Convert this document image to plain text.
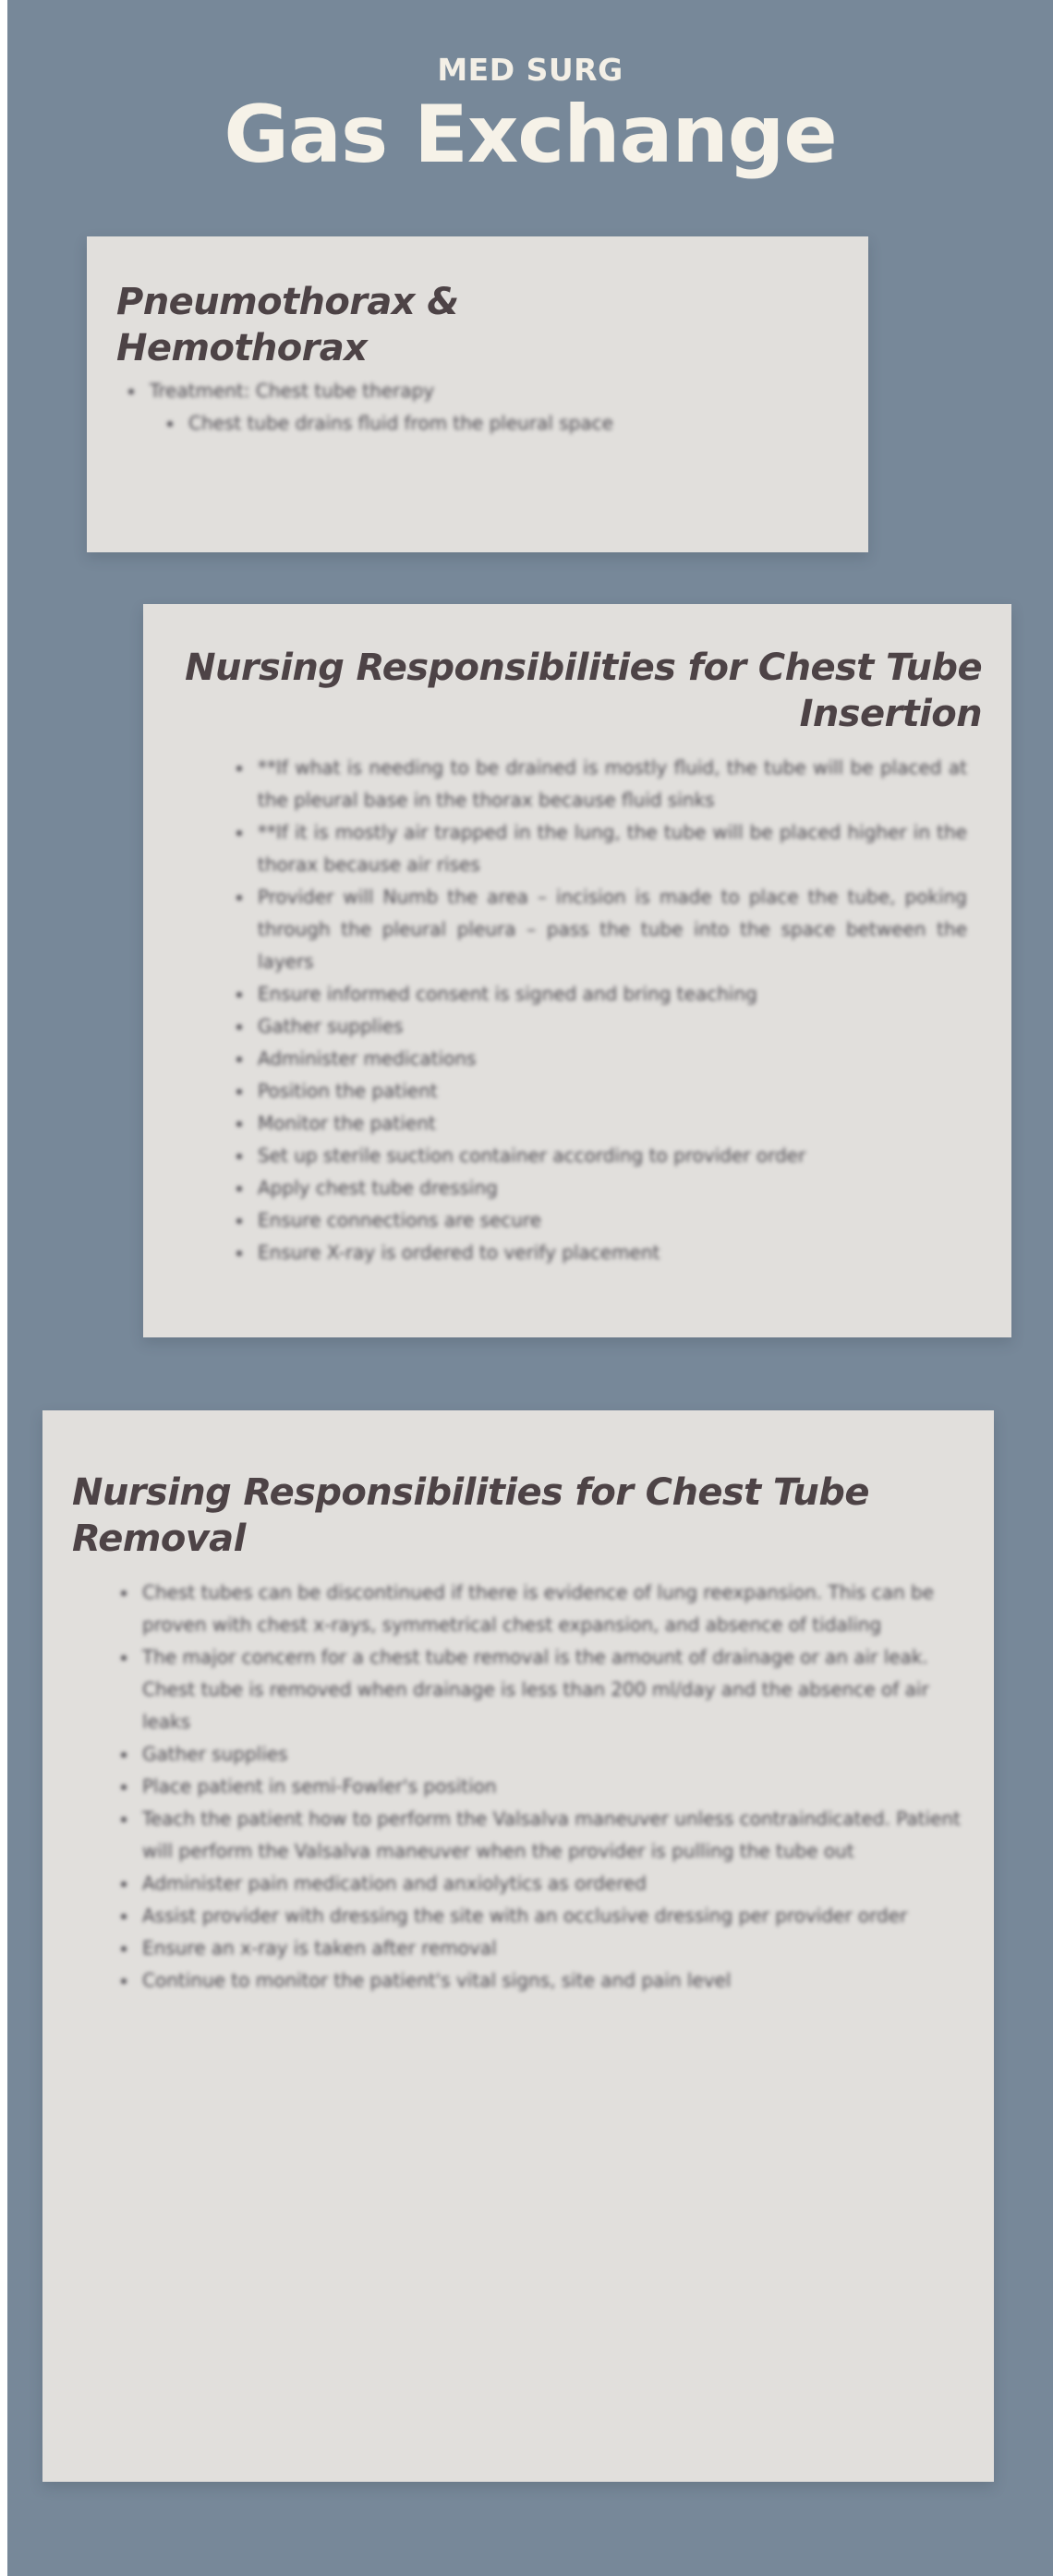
MED SURG
Gas Exchange
Pneumothorax & Hemothorax
• Treatment: Chest tube therapy
• Chest tube drains fluid from the pleural space
Nursing Responsibilities for Chest Tube Insertion
• **If what is needing to be drained is mostly fluid, the tube will be placed at the pleural base in the thorax because fluid sinks
• **If it is mostly air trapped in the lung, the tube will be placed higher in the thorax because air rises
• Provider will Numb the area – incision is made to place the tube, poking through the pleural pleura – pass the tube into the space between the layers
• Ensure informed consent is signed and bring teaching
• Gather supplies
• Administer medications
• Position the patient
• Monitor the patient
• Set up sterile suction container according to provider order
• Apply chest tube dressing
• Ensure connections are secure
• Ensure X-ray is ordered to verify placement
Nursing Responsibilities for Chest Tube Removal
• Chest tubes can be discontinued if there is evidence of lung reexpansion. This can be proven with chest x-rays, symmetrical chest expansion, and absence of tidaling
• The major concern for a chest tube removal is the amount of drainage or an air leak. Chest tube is removed when drainage is less than 200 ml/day and the absence of air leaks
• Gather supplies
• Place patient in semi-Fowler's position
• Teach the patient how to perform the Valsalva maneuver unless contraindicated. Patient will perform the Valsalva maneuver when the provider is pulling the tube out
• Administer pain medication and anxiolytics as ordered
• Assist provider with dressing the site with an occlusive dressing per provider order
• Ensure an x-ray is taken after removal
• Continue to monitor the patient's vital signs, site and pain level
